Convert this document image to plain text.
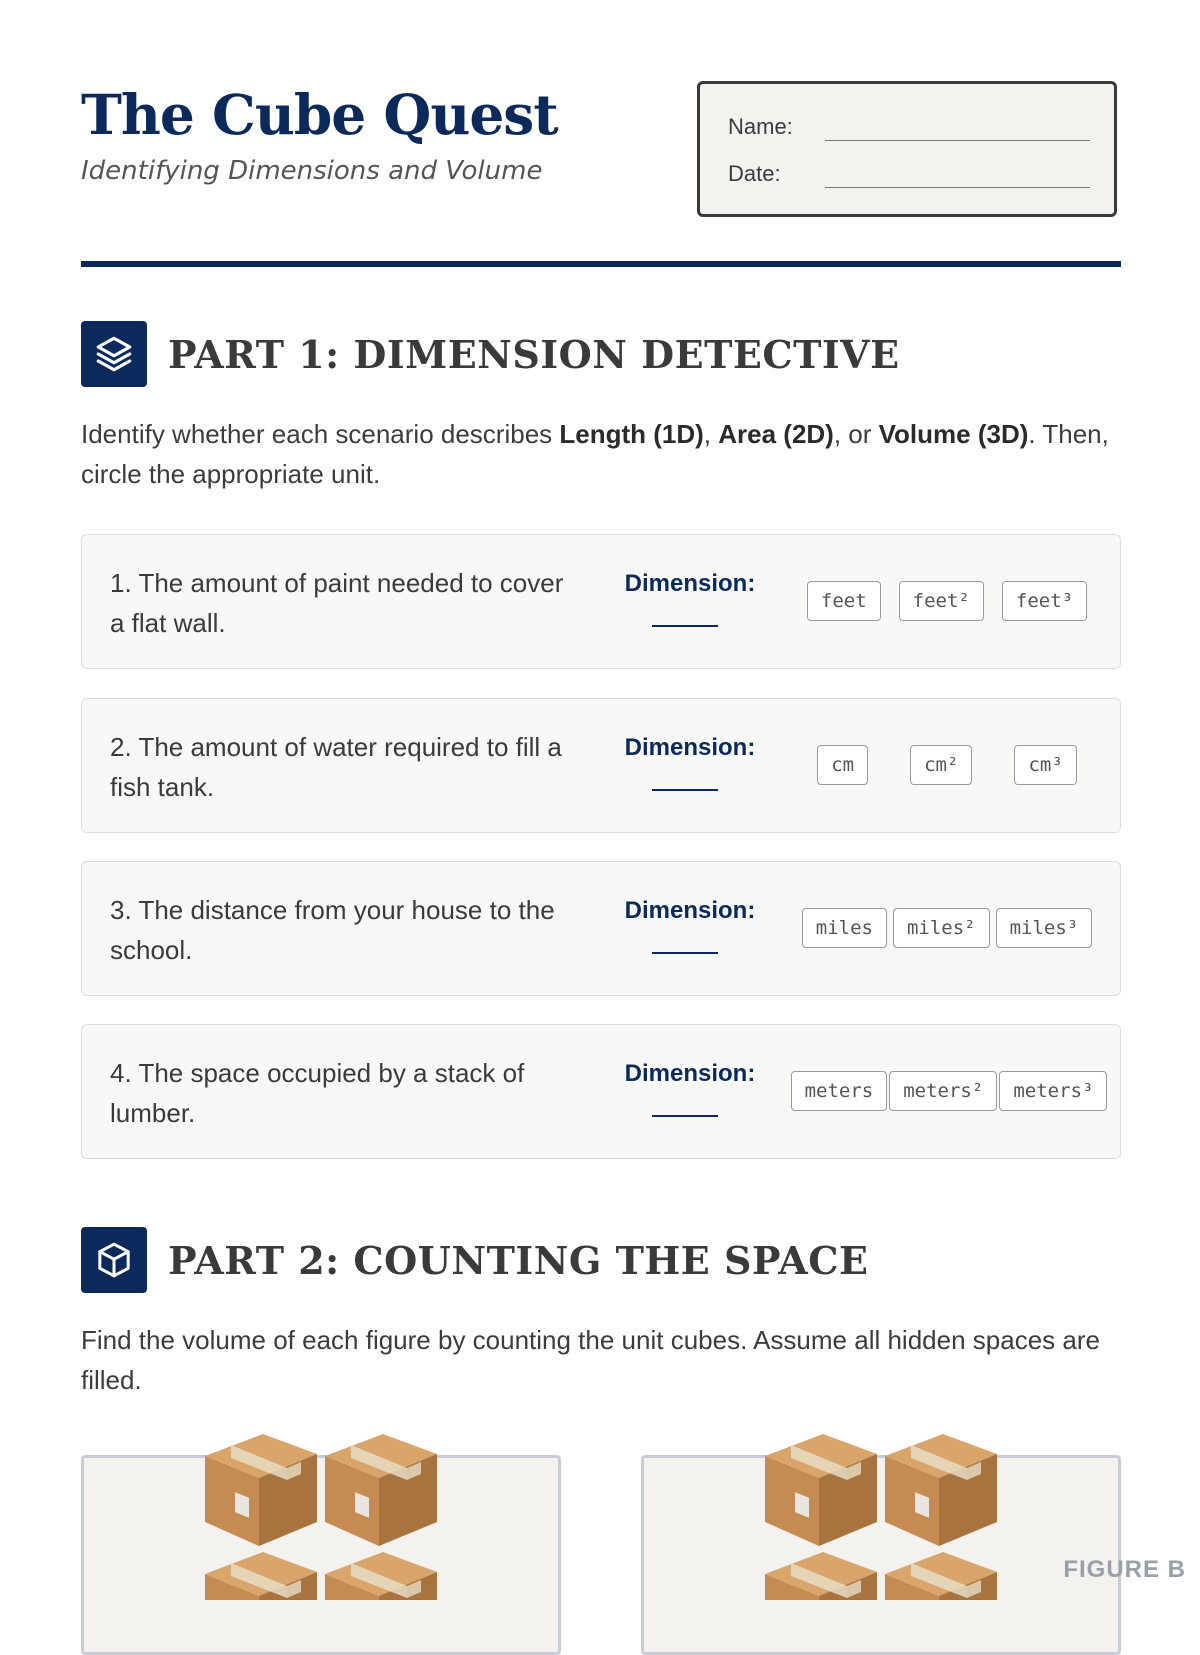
The Cube Quest
Identifying Dimensions and Volume
Name:
Date:
PART 1: DIMENSION DETECTIVE
Identify whether each scenario describes Length (1D), Area (2D), or Volume (3D). Then, circle the appropriate unit.
1. The amount of paint needed to cover a flat wall.
Dimension:
feet	feet²	feet³
2. The amount of water required to fill a fish tank.
Dimension:
cm	cm²	cm³
3. The distance from your house to the school.
Dimension:
miles	miles²	miles³
4. The space occupied by a stack of lumber.
Dimension:
meters	meters²	meters³
PART 2: COUNTING THE SPACE
Find the volume of each figure by counting the unit cubes. Assume all hidden spaces are filled.
FIGURE B
